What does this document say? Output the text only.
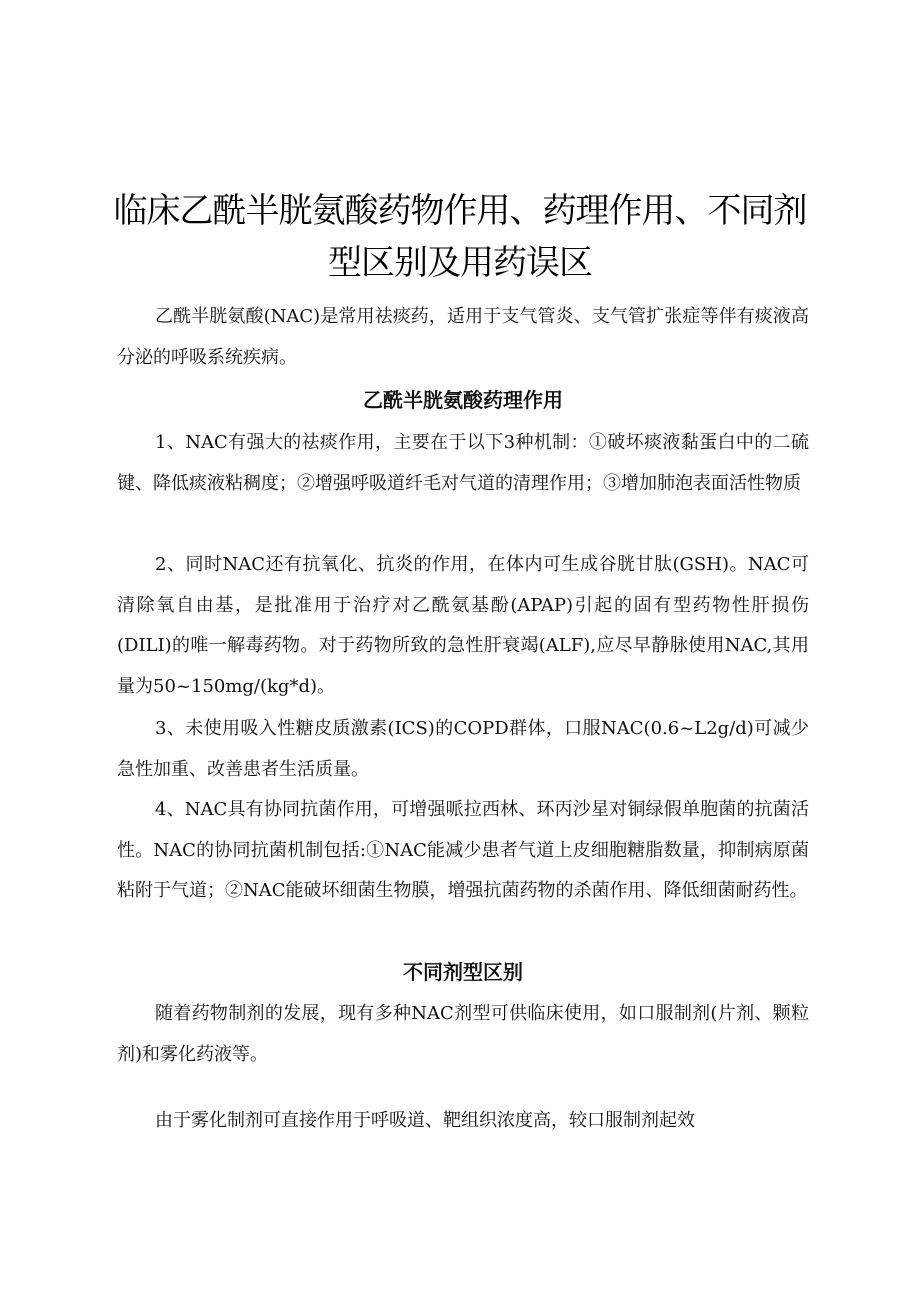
临床乙酰半胱氨酸药物作用、药理作用、不同剂型区别及用药误区

乙酰半胱氨酸(NAC)是常用祛痰药，适用于支气管炎、支气管扩张症等伴有痰液高分泌的呼吸系统疾病。

乙酰半胱氨酸药理作用

1、NAC有强大的祛痰作用，主要在于以下3种机制：①破坏痰液黏蛋白中的二硫键、降低痰液粘稠度；②增强呼吸道纤毛对气道的清理作用；③增加肺泡表面活性物质

2、同时NAC还有抗氧化、抗炎的作用，在体内可生成谷胱甘肽(GSH)。NAC可清除氧自由基，是批准用于治疗对乙酰氨基酚(APAP)引起的固有型药物性肝损伤(DILI)的唯一解毒药物。对于药物所致的急性肝衰竭(ALF),应尽早静脉使用NAC,其用量为50~150mg/(kg*d)。

3、未使用吸入性糖皮质激素(ICS)的COPD群体，口服NAC(0.6~L2g/d)可减少急性加重、改善患者生活质量。

4、NAC具有协同抗菌作用，可增强哌拉西林、环丙沙星对铜绿假单胞菌的抗菌活性。NAC的协同抗菌机制包括:①NAC能减少患者气道上皮细胞糖脂数量，抑制病原菌粘附于气道；②NAC能破坏细菌生物膜，增强抗菌药物的杀菌作用、降低细菌耐药性。

不同剂型区别

随着药物制剂的发展，现有多种NAC剂型可供临床使用，如口服制剂(片剂、颗粒剂)和雾化药液等。

由于雾化制剂可直接作用于呼吸道、靶组织浓度高，较口服制剂起效
